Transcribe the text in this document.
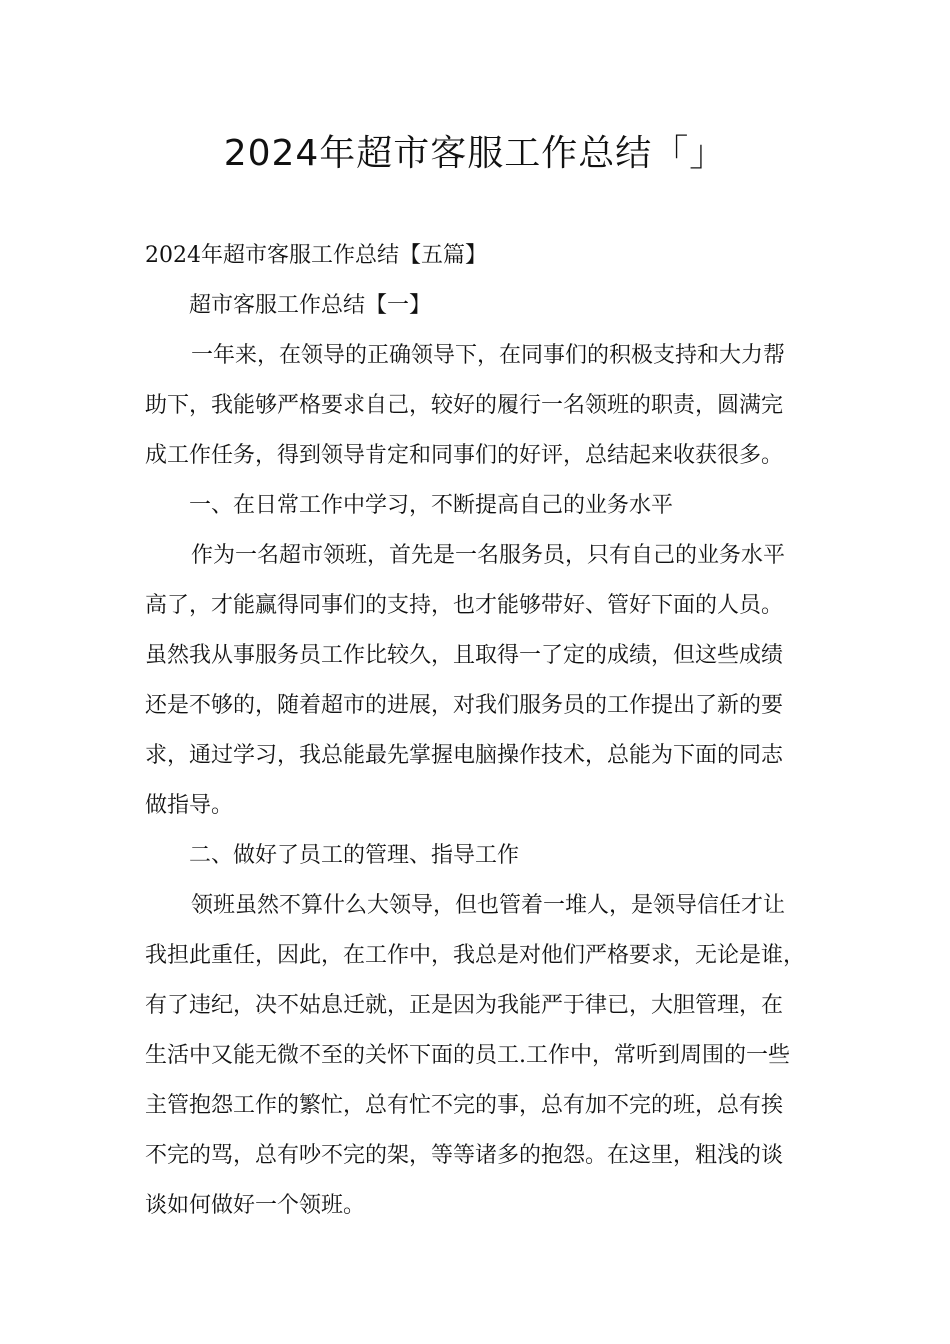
2024年超市客服工作总结「」

2024年超市客服工作总结【五篇】

超市客服工作总结【一】

一年来，在领导的正确领导下，在同事们的积极支持和大力帮

助下，我能够严格要求自己，较好的履行一名领班的职责，圆满完

成工作任务，得到领导肯定和同事们的好评，总结起来收获很多。

一、在日常工作中学习，不断提高自己的业务水平

作为一名超市领班，首先是一名服务员，只有自己的业务水平

高了，才能赢得同事们的支持，也才能够带好、管好下面的人员。

虽然我从事服务员工作比较久，且取得一了定的成绩，但这些成绩

还是不够的，随着超市的进展，对我们服务员的工作提出了新的要

求，通过学习，我总能最先掌握电脑操作技术，总能为下面的同志

做指导。

二、做好了员工的管理、指导工作

领班虽然不算什么大领导，但也管着一堆人，是领导信任才让

我担此重任，因此，在工作中，我总是对他们严格要求，无论是谁，

有了违纪，决不姑息迁就，正是因为我能严于律已，大胆管理，在

生活中又能无微不至的关怀下面的员工.工作中，常听到周围的一些

主管抱怨工作的繁忙，总有忙不完的事，总有加不完的班，总有挨

不完的骂，总有吵不完的架，等等诸多的抱怨。在这里，粗浅的谈

谈如何做好一个领班。
